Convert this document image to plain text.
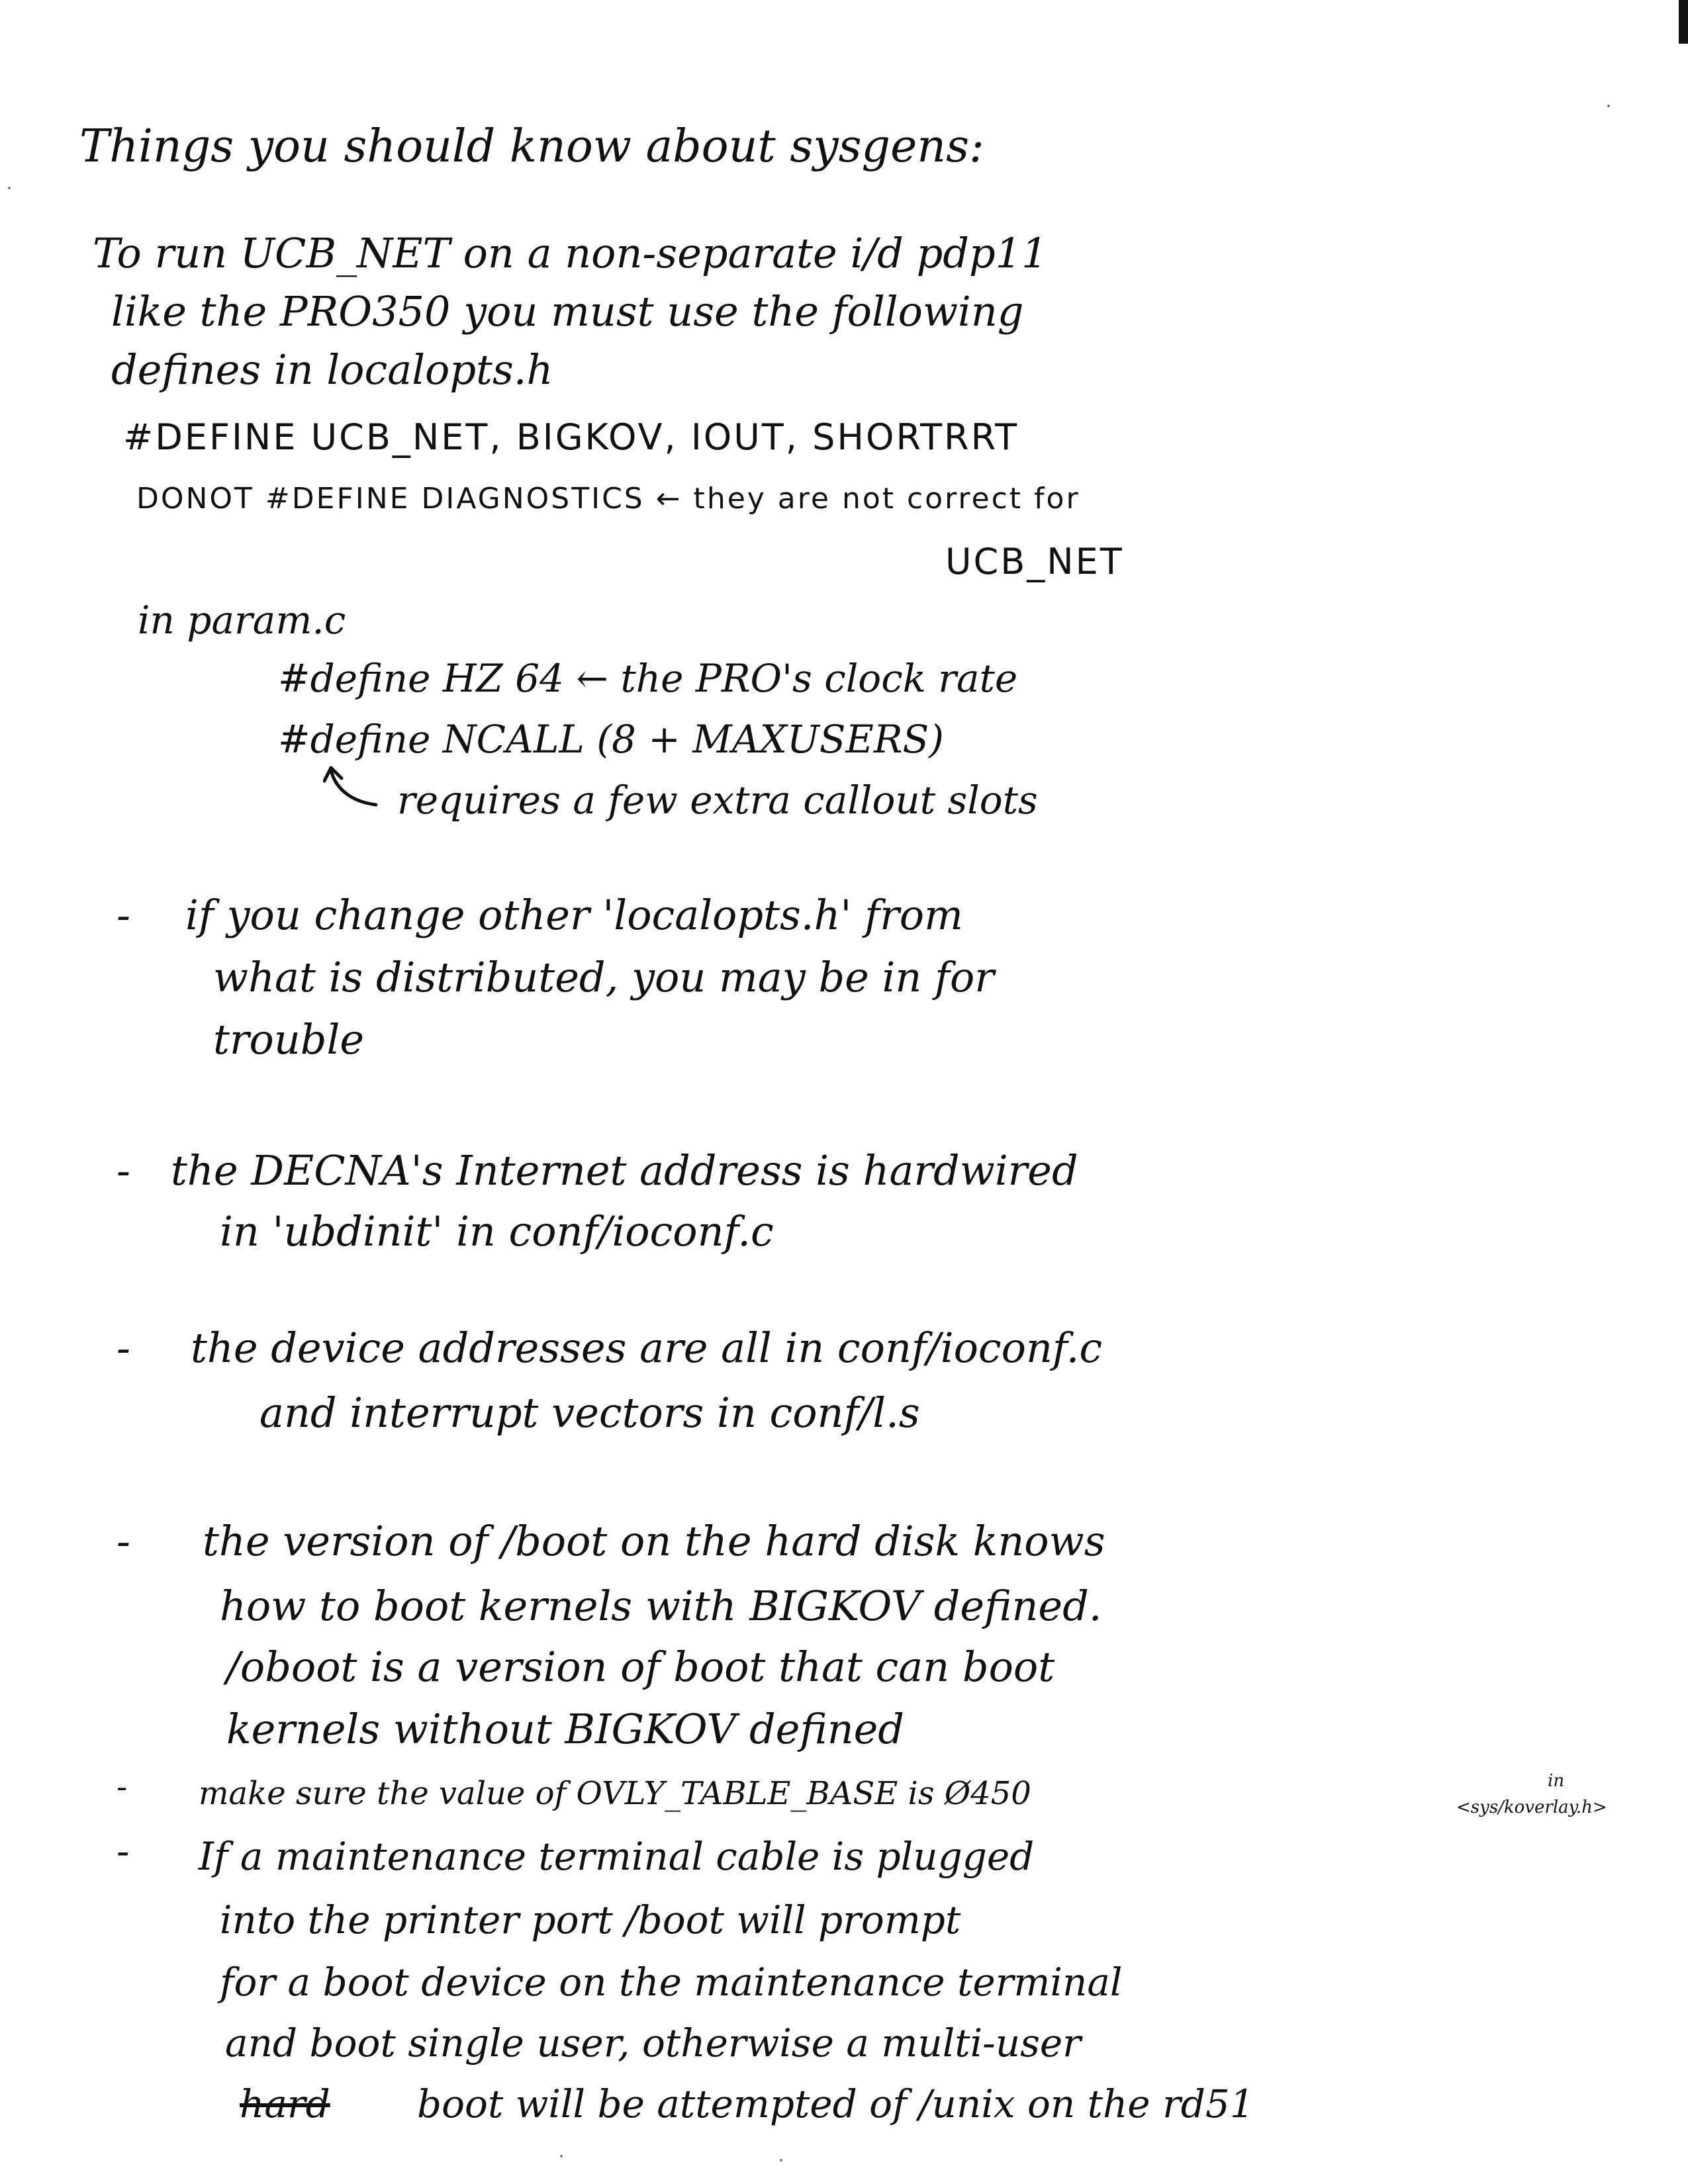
Things you should know about sysgens:
To run UCB_NET on a non-separate i/d pdp11
like the PRO350 you must use the following
defines in localopts.h
#DEFINE UCB_NET, BIGKOV, IOUT, SHORTRRT
DONOT #DEFINE DIAGNOSTICS ← they are not correct for
UCB_NET
in param.c
#define HZ 64 ← the PRO's clock rate
#define NCALL (8 + MAXUSERS)
requires a few extra callout slots
- if you change other 'localopts.h' from
what is distributed, you may be in for
trouble
- the DECNA's Internet address is hardwired
in 'ubdinit' in conf/ioconf.c
- the device addresses are all in conf/ioconf.c
and interrupt vectors in conf/l.s
- the version of /boot on the hard disk knows
how to boot kernels with BIGKOV defined.
/oboot is a version of boot that can boot
kernels without BIGKOV defined
- make sure the value of OVLY_TABLE_BASE is Ø450	in
<sys/koverlay.h>
- If a maintenance terminal cable is plugged
into the printer port /boot will prompt
for a boot device on the maintenance terminal
and boot single user, otherwise a multi-user
hard boot will be attempted of /unix on the rd51
